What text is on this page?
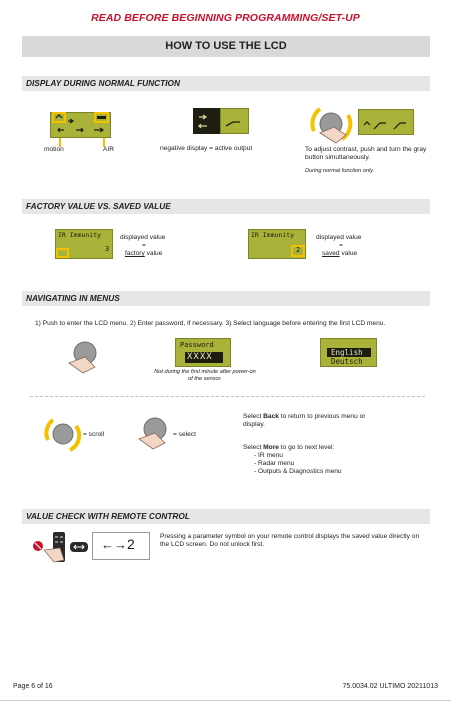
READ BEFORE BEGINNING PROGRAMMING/SET-UP
HOW TO USE THE LCD
DISPLAY DURING NORMAL FUNCTION
motion	AIR	negative display = active output	To adjust contrast, push and turn the gray button simultaneously.
During normal function only.
FACTORY VALUE VS. SAVED VALUE
IR Immunity
3
displayed value
=
factory value
IR Immunity
2
displayed value
=
saved value
NAVIGATING IN MENUS
1) Push to enter the LCD menu. 2) Enter password, if necessary. 3) Select language before entering the first LCD menu.
Password
XXXX
Not during the first minute after power-on of the sensor.
English
Deutsch
= scroll	= select
Select Back to return to previous menu or display.
Select More to go to next level:
- IR menu
- Radar menu
- Outputs & Diagnostics menu
VALUE CHECK WITH REMOTE CONTROL
←→ 2	Pressing a parameter symbol on your remote control displays the saved value directly on the LCD screen. Do not unlock first.
Page 6 of 16	75.0034.02 ULTIMO 20211013
